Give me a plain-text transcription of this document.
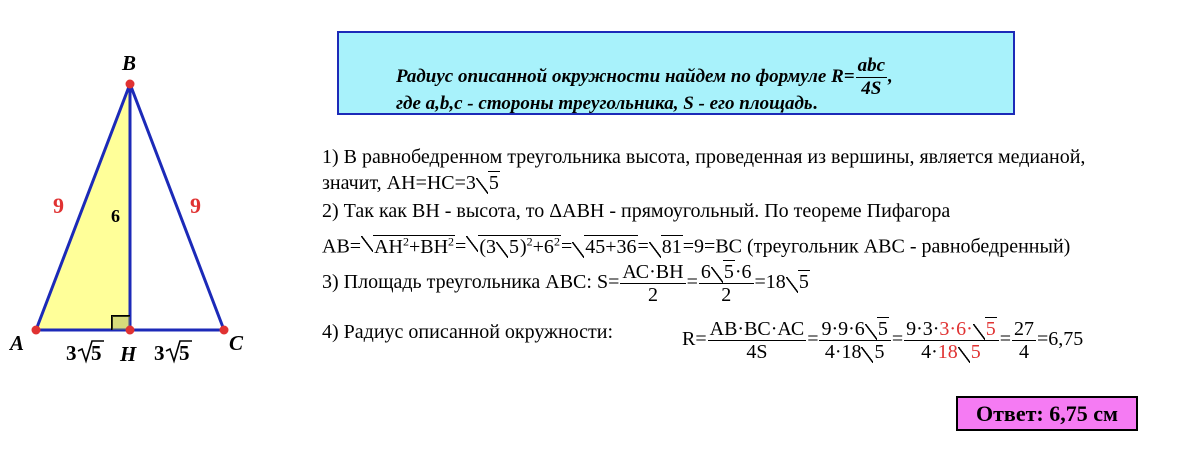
B
A	C
H
9	9
6
3 5	3 5
Радиус описанной окружности найдем по формуле $R= \frac{\text{abc}}{4S}$ ,
где a,b,c - стороны треугольника, S - его площадь.
1) В равнобедренном треугольника высота, проведенная из вершины, является медианой,
значит, АН=НС=3 5
2) Так как ВН - высота, то ΔАВН - прямоугольный. По теореме Пифагора
$АВ= АН^2+ВН^2= (3$ $5)^2+6^2= 45+36= 81=9=ВС$ (треугольник АВС - равнобедренный)
3) Площадь треугольника АВС: $S= \frac{АС\cdot ВН}{2} = \frac{6 5\cdot 6}{2} =18$ 5
4) Радиус описанной окружности:	$R= \frac{АВ\cdot ВС\cdot АС}{4S} = \frac{9\cdot 9\cdot 6 5}{4\cdot 18 5} = \frac{9\cdot 3\cdot 3\cdot 6\cdot 5}{4\cdot 18 5} = \frac{27}{4} =6,75$
Ответ: 6,75 см
